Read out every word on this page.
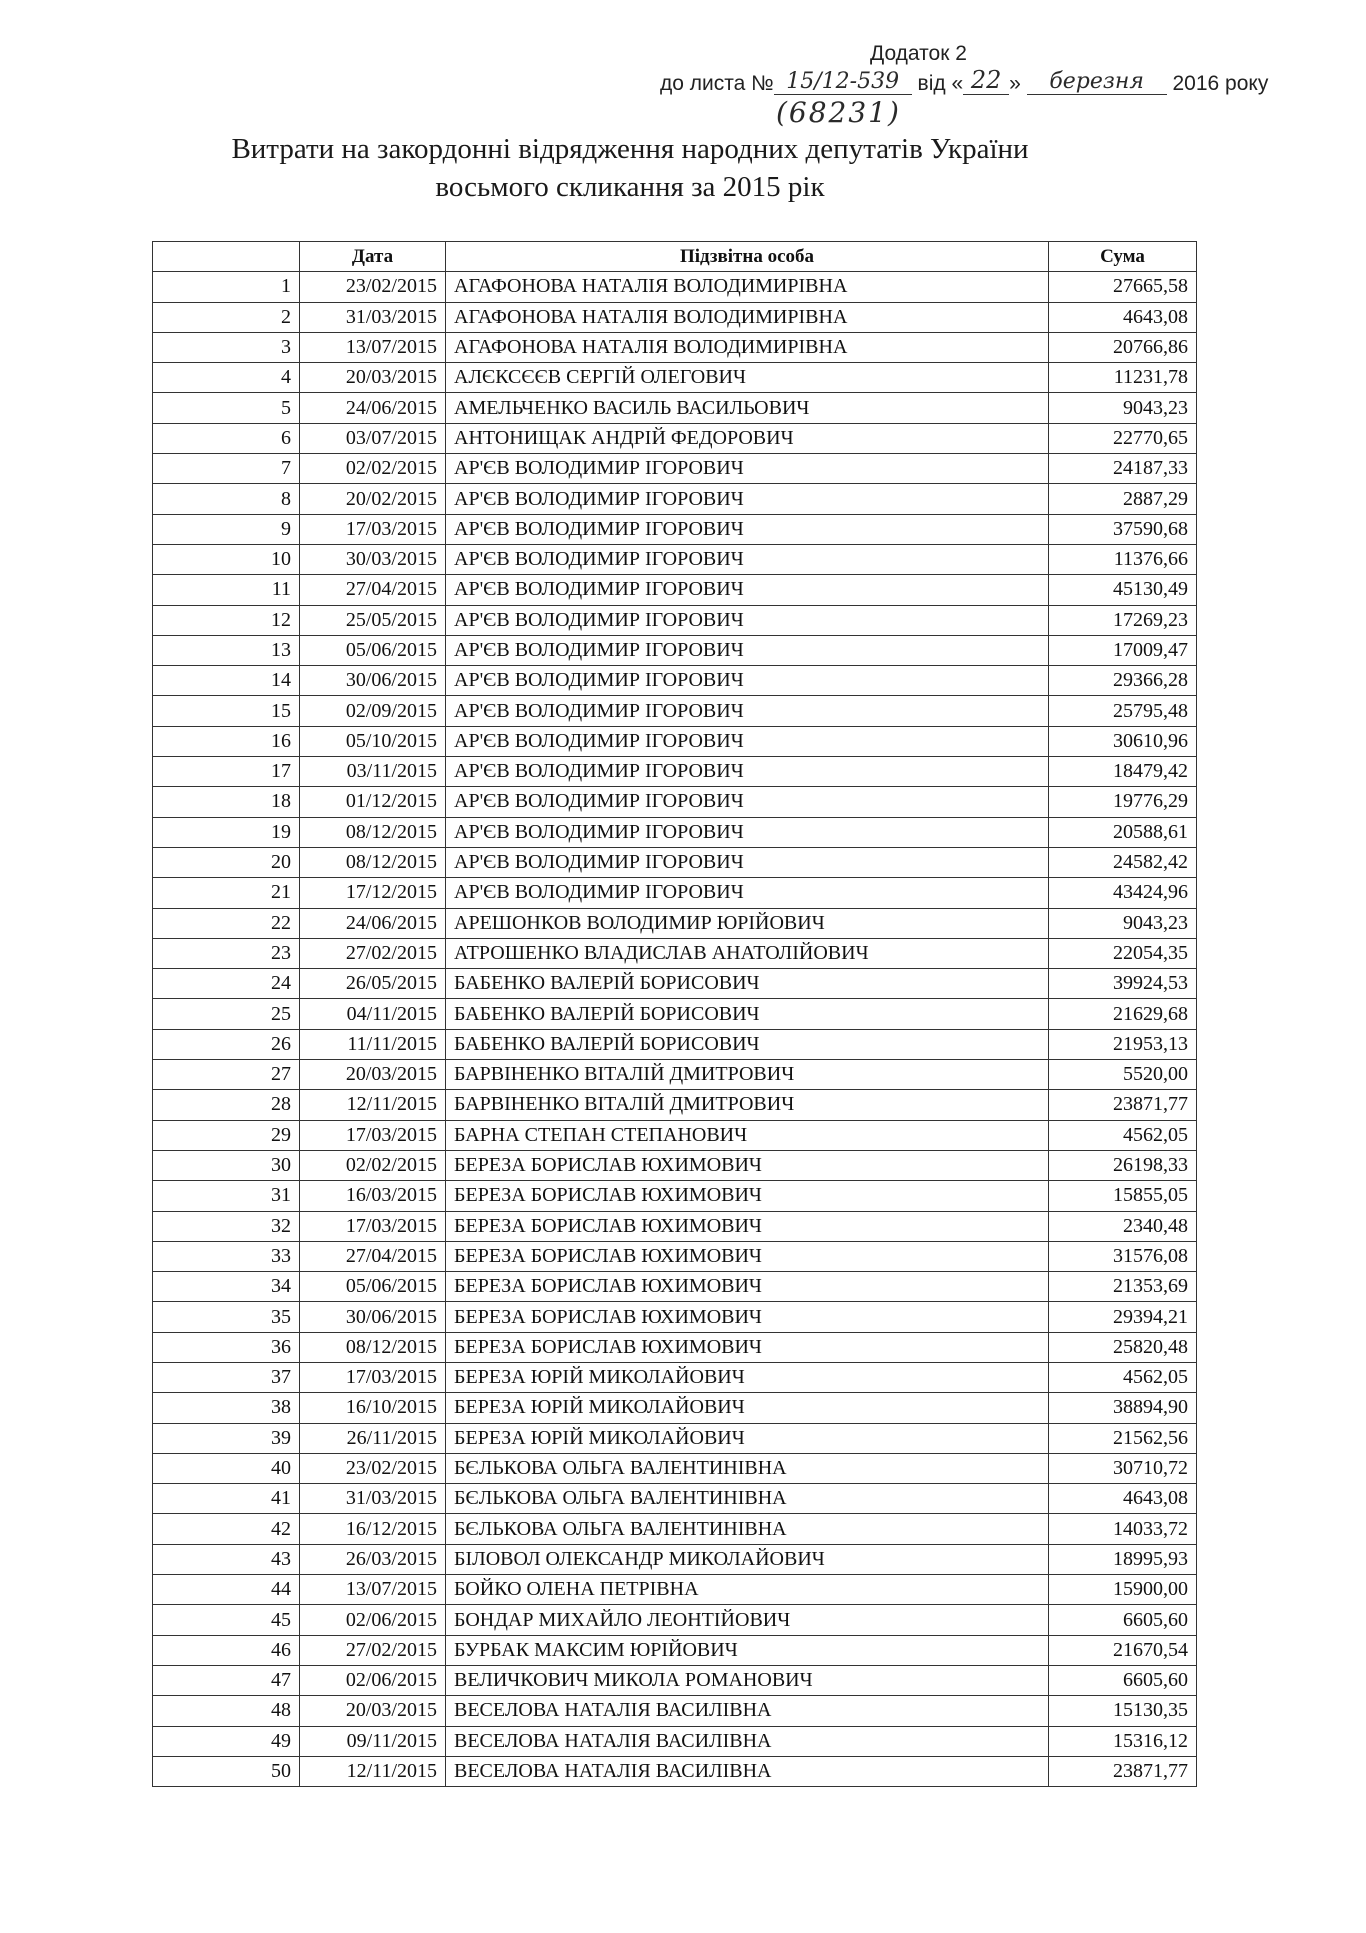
Додаток 2
до листа № 15/12-539 від « 22 » березня 2016 року
(68231)
Витрати на закордонні відрядження народних депутатів України
восьмого скликання за 2015 рік
	Дата	Підзвітна особа	Сума
1	23/02/2015	АГАФОНОВА НАТАЛІЯ ВОЛОДИМИРІВНА	27665,58
2	31/03/2015	АГАФОНОВА НАТАЛІЯ ВОЛОДИМИРІВНА	4643,08
3	13/07/2015	АГАФОНОВА НАТАЛІЯ ВОЛОДИМИРІВНА	20766,86
4	20/03/2015	АЛЄКСЄЄВ СЕРГІЙ ОЛЕГОВИЧ	11231,78
5	24/06/2015	АМЕЛЬЧЕНКО ВАСИЛЬ ВАСИЛЬОВИЧ	9043,23
6	03/07/2015	АНТОНИЩАК АНДРІЙ ФЕДОРОВИЧ	22770,65
7	02/02/2015	АР'ЄВ ВОЛОДИМИР ІГОРОВИЧ	24187,33
8	20/02/2015	АР'ЄВ ВОЛОДИМИР ІГОРОВИЧ	2887,29
9	17/03/2015	АР'ЄВ ВОЛОДИМИР ІГОРОВИЧ	37590,68
10	30/03/2015	АР'ЄВ ВОЛОДИМИР ІГОРОВИЧ	11376,66
11	27/04/2015	АР'ЄВ ВОЛОДИМИР ІГОРОВИЧ	45130,49
12	25/05/2015	АР'ЄВ ВОЛОДИМИР ІГОРОВИЧ	17269,23
13	05/06/2015	АР'ЄВ ВОЛОДИМИР ІГОРОВИЧ	17009,47
14	30/06/2015	АР'ЄВ ВОЛОДИМИР ІГОРОВИЧ	29366,28
15	02/09/2015	АР'ЄВ ВОЛОДИМИР ІГОРОВИЧ	25795,48
16	05/10/2015	АР'ЄВ ВОЛОДИМИР ІГОРОВИЧ	30610,96
17	03/11/2015	АР'ЄВ ВОЛОДИМИР ІГОРОВИЧ	18479,42
18	01/12/2015	АР'ЄВ ВОЛОДИМИР ІГОРОВИЧ	19776,29
19	08/12/2015	АР'ЄВ ВОЛОДИМИР ІГОРОВИЧ	20588,61
20	08/12/2015	АР'ЄВ ВОЛОДИМИР ІГОРОВИЧ	24582,42
21	17/12/2015	АР'ЄВ ВОЛОДИМИР ІГОРОВИЧ	43424,96
22	24/06/2015	АРЕШОНКОВ ВОЛОДИМИР ЮРІЙОВИЧ	9043,23
23	27/02/2015	АТРОШЕНКО ВЛАДИСЛАВ АНАТОЛІЙОВИЧ	22054,35
24	26/05/2015	БАБЕНКО ВАЛЕРІЙ БОРИСОВИЧ	39924,53
25	04/11/2015	БАБЕНКО ВАЛЕРІЙ БОРИСОВИЧ	21629,68
26	11/11/2015	БАБЕНКО ВАЛЕРІЙ БОРИСОВИЧ	21953,13
27	20/03/2015	БАРВІНЕНКО ВІТАЛІЙ ДМИТРОВИЧ	5520,00
28	12/11/2015	БАРВІНЕНКО ВІТАЛІЙ ДМИТРОВИЧ	23871,77
29	17/03/2015	БАРНА СТЕПАН СТЕПАНОВИЧ	4562,05
30	02/02/2015	БЕРЕЗА БОРИСЛАВ ЮХИМОВИЧ	26198,33
31	16/03/2015	БЕРЕЗА БОРИСЛАВ ЮХИМОВИЧ	15855,05
32	17/03/2015	БЕРЕЗА БОРИСЛАВ ЮХИМОВИЧ	2340,48
33	27/04/2015	БЕРЕЗА БОРИСЛАВ ЮХИМОВИЧ	31576,08
34	05/06/2015	БЕРЕЗА БОРИСЛАВ ЮХИМОВИЧ	21353,69
35	30/06/2015	БЕРЕЗА БОРИСЛАВ ЮХИМОВИЧ	29394,21
36	08/12/2015	БЕРЕЗА БОРИСЛАВ ЮХИМОВИЧ	25820,48
37	17/03/2015	БЕРЕЗА ЮРІЙ МИКОЛАЙОВИЧ	4562,05
38	16/10/2015	БЕРЕЗА ЮРІЙ МИКОЛАЙОВИЧ	38894,90
39	26/11/2015	БЕРЕЗА ЮРІЙ МИКОЛАЙОВИЧ	21562,56
40	23/02/2015	БЄЛЬКОВА ОЛЬГА ВАЛЕНТИНІВНА	30710,72
41	31/03/2015	БЄЛЬКОВА ОЛЬГА ВАЛЕНТИНІВНА	4643,08
42	16/12/2015	БЄЛЬКОВА ОЛЬГА ВАЛЕНТИНІВНА	14033,72
43	26/03/2015	БІЛОВОЛ ОЛЕКСАНДР МИКОЛАЙОВИЧ	18995,93
44	13/07/2015	БОЙКО ОЛЕНА ПЕТРІВНА	15900,00
45	02/06/2015	БОНДАР МИХАЙЛО ЛЕОНТІЙОВИЧ	6605,60
46	27/02/2015	БУРБАК МАКСИМ ЮРІЙОВИЧ	21670,54
47	02/06/2015	ВЕЛИЧКОВИЧ МИКОЛА РОМАНОВИЧ	6605,60
48	20/03/2015	ВЕСЕЛОВА НАТАЛІЯ ВАСИЛІВНА	15130,35
49	09/11/2015	ВЕСЕЛОВА НАТАЛІЯ ВАСИЛІВНА	15316,12
50	12/11/2015	ВЕСЕЛОВА НАТАЛІЯ ВАСИЛІВНА	23871,77
